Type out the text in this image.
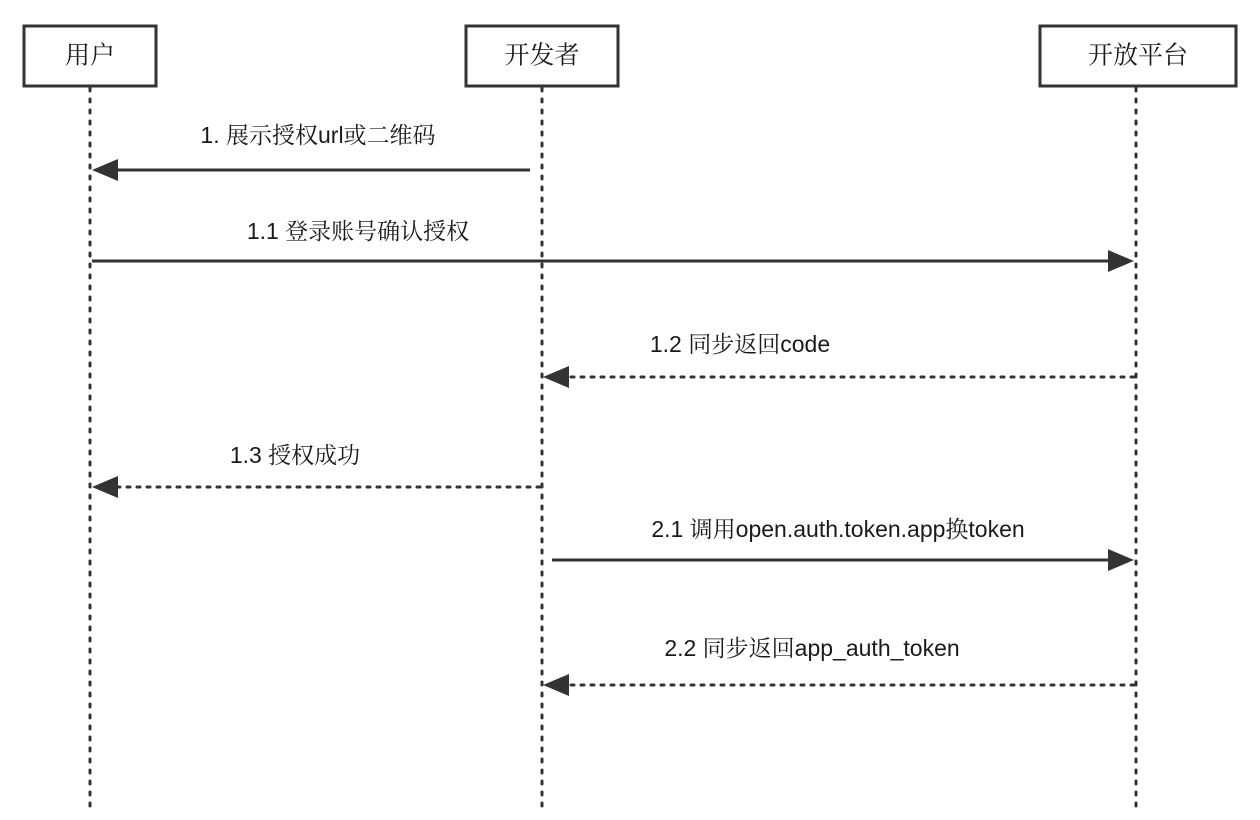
用户	开发者	开放平台
1. 展示授权url或二维码
1.1 登录账号确认授权
1.2 同步返回code
1.3 授权成功
2.1 调用open.auth.token.app换token
2.2 同步返回app_auth_token
